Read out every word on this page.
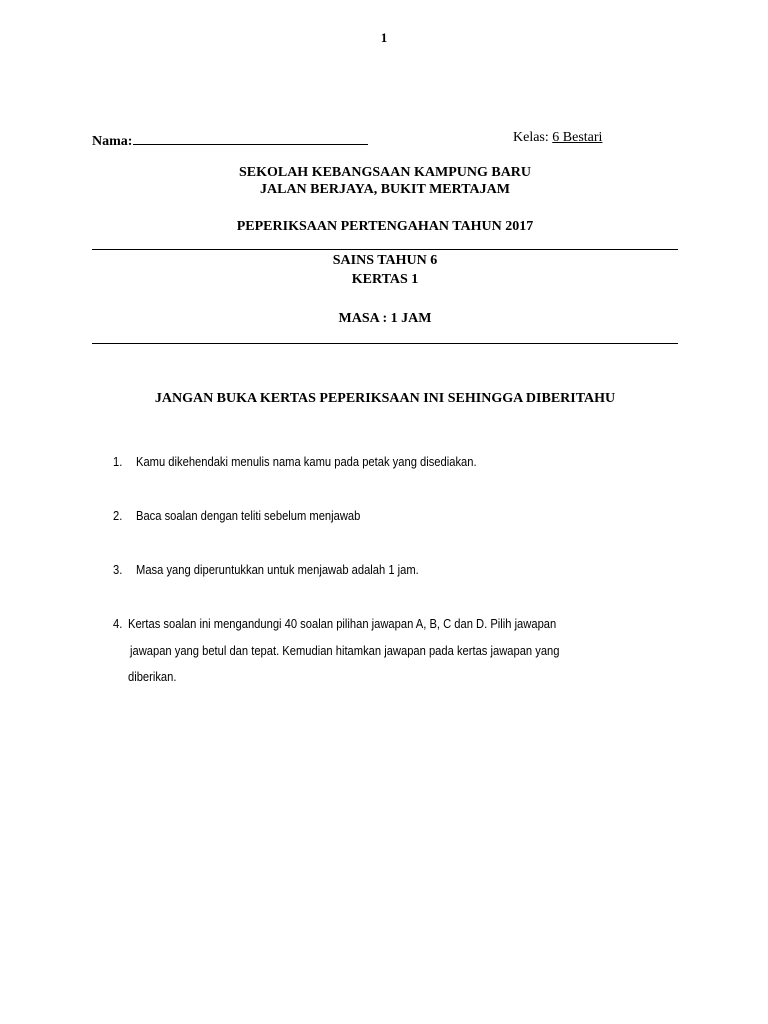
1
Nama:	Kelas: 6 Bestari
SEKOLAH KEBANGSAAN KAMPUNG BARU
JALAN BERJAYA, BUKIT MERTAJAM
PEPERIKSAAN PERTENGAHAN TAHUN 2017
SAINS TAHUN 6
KERTAS 1
MASA : 1 JAM
JANGAN BUKA KERTAS PEPERIKSAAN INI SEHINGGA DIBERITAHU
1. Kamu dikehendaki menulis nama kamu pada petak yang disediakan.
2. Baca soalan dengan teliti sebelum menjawab
3. Masa yang diperuntukkan untuk menjawab adalah 1 jam.
4. Kertas soalan ini mengandungi 40 soalan pilihan jawapan A, B, C dan D. Pilih jawapan
jawapan yang betul dan tepat. Kemudian hitamkan jawapan pada kertas jawapan yang
diberikan.
